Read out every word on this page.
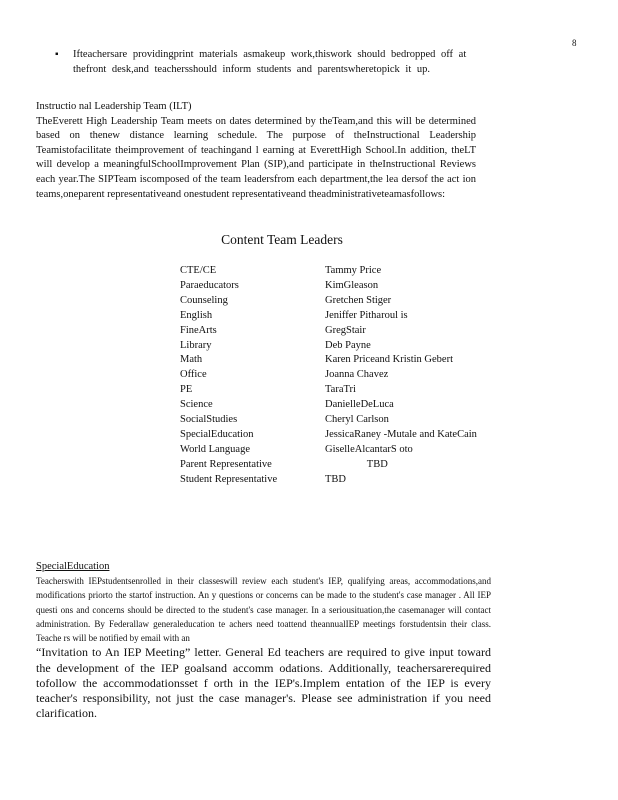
8
▪ Ifteachersare providingprint materials asmakeup work,thiswork should bedropped off at thefront desk,and teachersshould inform students and parentswheretopick it up.
Instructio nal Leadership Team (ILT)

TheEverett High Leadership Team meets on dates determined by theTeam,and this will be determined based on thenew distance learning schedule. The purpose of theInstructional Leadership Teamistofacilitate theimprovement of teachingand l earning at EverettHigh School.In addition, theLT will develop a meaningfulSchoolImprovement Plan (SIP),and participate in theInstructional Reviews each year.The SIPTeam iscomposed of the team leadersfrom each department,the lea dersof the act ion teams,oneparent representativeand onestudent representativeand theadministrativeteamasfollows:

Content Team Leaders
CTE/CE	Tammy Price
Paraeducators	KimGleason
Counseling	Gretchen Stiger
English	Jeniffer Pitharoul is
FineArts	GregStair
Library	Deb Payne
Math	Karen Priceand Kristin Gebert
Office	Joanna Chavez
PE	TaraTri
Science	DanielleDeLuca
SocialStudies	Cheryl Carlson
SpecialEducation	JessicaRaney -Mutale and KateCain
World Language	GiselleAlcantarS oto
Parent Representative	TBD
Student Representative	TBD
SpecialEducation

Teacherswith IEPstudentsenrolled in their classeswill review each student's IEP, qualifying areas, accommodations,and modifications priorto the startof instruction. An y questions or concerns can be made to the student's case manager . All IEP questi ons and concerns should be directed to the student's case manager. In a seriousituation,the casemanager will contact administration. By Federallaw generaleducation te achers need toattend theannualIEP meetings forstudentsin their class. Teache rs will be notified by email with an

“Invitation to An IEP Meeting” letter. General Ed teachers are required to give input toward the development of the IEP goalsand accomm odations. Additionally, teachersarerequired tofollow the accommodationsset f orth in the IEP's.Implem entation of the IEP is every teacher's responsibility, not just the case manager's. Please see administration if you need clarification.
